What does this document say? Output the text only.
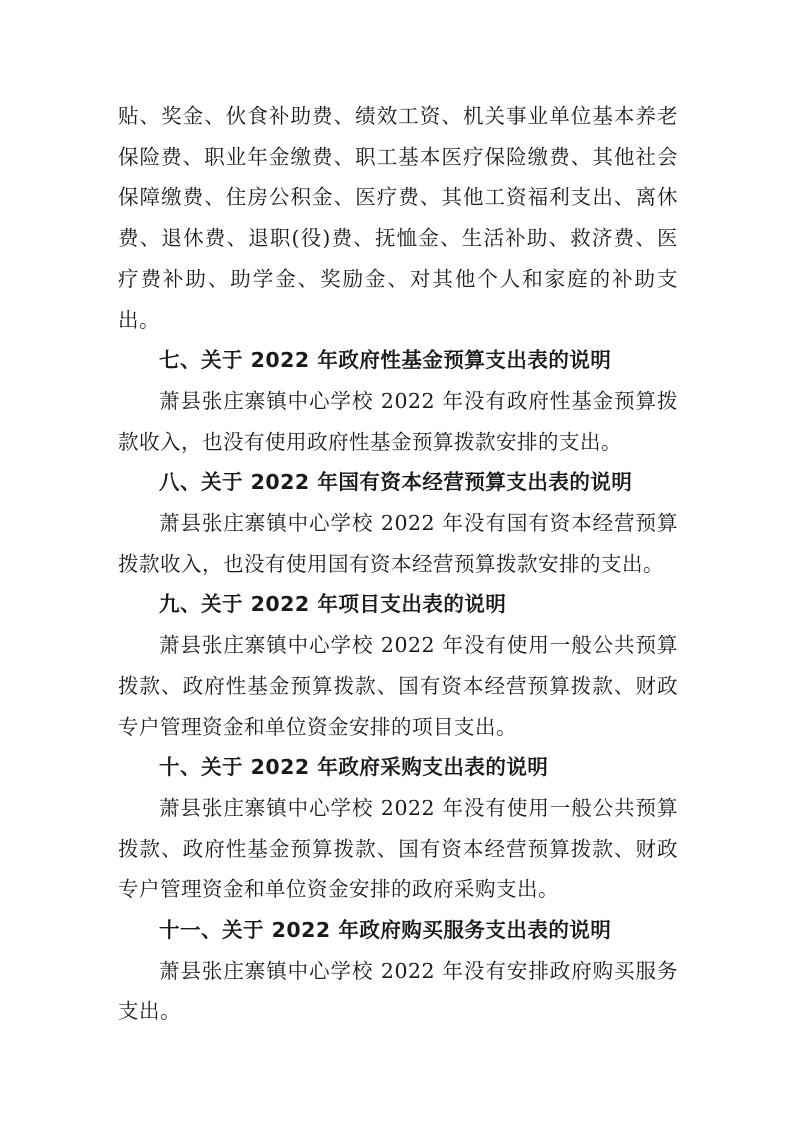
贴、奖金、伙食补助费、绩效工资、机关事业单位基本养老保险费、职业年金缴费、职工基本医疗保险缴费、其他社会保障缴费、住房公积金、医疗费、其他工资福利支出、离休费、退休费、退职(役)费、抚恤金、生活补助、救济费、医疗费补助、助学金、奖励金、对其他个人和家庭的补助支出。

七、关于 2022 年政府性基金预算支出表的说明

萧县张庄寨镇中心学校 2022 年没有政府性基金预算拨款收入，也没有使用政府性基金预算拨款安排的支出。

八、关于 2022 年国有资本经营预算支出表的说明

萧县张庄寨镇中心学校 2022 年没有国有资本经营预算拨款收入，也没有使用国有资本经营预算拨款安排的支出。

九、关于 2022 年项目支出表的说明

萧县张庄寨镇中心学校 2022 年没有使用一般公共预算拨款、政府性基金预算拨款、国有资本经营预算拨款、财政专户管理资金和单位资金安排的项目支出。

十、关于 2022 年政府采购支出表的说明

萧县张庄寨镇中心学校 2022 年没有使用一般公共预算拨款、政府性基金预算拨款、国有资本经营预算拨款、财政专户管理资金和单位资金安排的政府采购支出。

十一、关于 2022 年政府购买服务支出表的说明

萧县张庄寨镇中心学校 2022 年没有安排政府购买服务支出。
